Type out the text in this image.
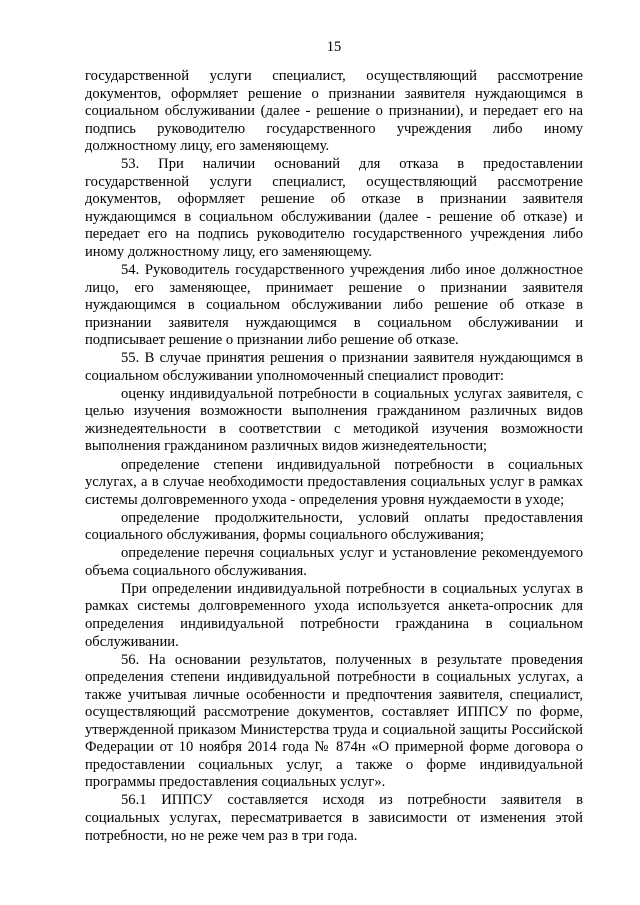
15

государственной услуги специалист, осуществляющий рассмотрение документов, оформляет решение о признании заявителя нуждающимся в социальном обслуживании (далее - решение о признании), и передает его на подпись руководителю государственного учреждения либо иному должностному лицу, его заменяющему.

53. При наличии оснований для отказа в предоставлении государственной услуги специалист, осуществляющий рассмотрение документов, оформляет решение об отказе в признании заявителя нуждающимся в социальном обслуживании (далее - решение об отказе) и передает его на подпись руководителю государственного учреждения либо иному должностному лицу, его заменяющему.

54. Руководитель государственного учреждения либо иное должностное лицо, его заменяющее, принимает решение о признании заявителя нуждающимся в социальном обслуживании либо решение об отказе в признании заявителя нуждающимся в социальном обслуживании и подписывает решение о признании либо решение об отказе.

55. В случае принятия решения о признании заявителя нуждающимся в социальном обслуживании уполномоченный специалист проводит:

оценку индивидуальной потребности в социальных услугах заявителя, с целью изучения возможности выполнения гражданином различных видов жизнедеятельности в соответствии с методикой изучения возможности выполнения гражданином различных видов жизнедеятельности;

определение степени индивидуальной потребности в социальных услугах, а в случае необходимости предоставления социальных услуг в рамках системы долговременного ухода - определения уровня нуждаемости в уходе;

определение продолжительности, условий оплаты предоставления социального обслуживания, формы социального обслуживания;

определение перечня социальных услуг и установление рекомендуемого объема социального обслуживания.

При определении индивидуальной потребности в социальных услугах в рамках системы долговременного ухода используется анкета-опросник для определения индивидуальной потребности гражданина в социальном обслуживании.

56. На основании результатов, полученных в результате проведения определения степени индивидуальной потребности в социальных услугах, а также учитывая личные особенности и предпочтения заявителя, специалист, осуществляющий рассмотрение документов, составляет ИППСУ по форме, утвержденной приказом Министерства труда и социальной защиты Российской Федерации от 10 ноября 2014 года № 874н «О примерной форме договора о предоставлении социальных услуг, а также о форме индивидуальной программы предоставления социальных услуг».

56.1 ИППСУ составляется исходя из потребности заявителя в социальных услугах, пересматривается в зависимости от изменения этой потребности, но не реже чем раз в три года.
